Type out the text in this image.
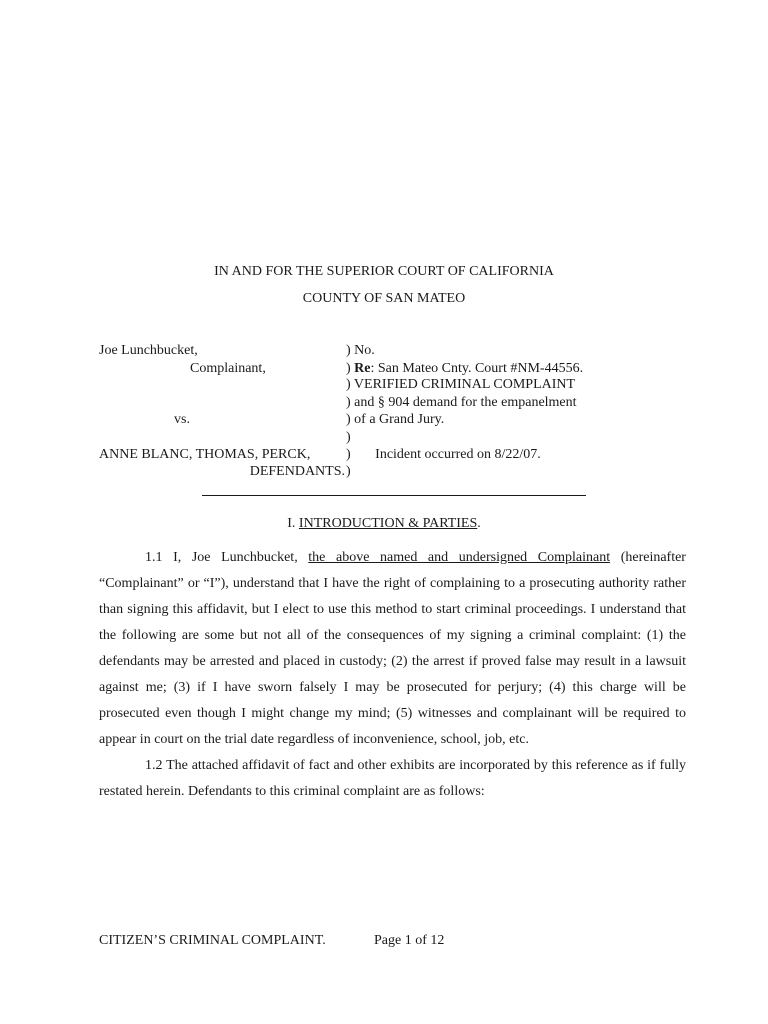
IN AND FOR THE SUPERIOR COURT OF CALIFORNIA
COUNTY OF SAN MATEO
Joe Lunchbucket,
Complainant,
vs.
ANNE BLANC, THOMAS, PERCK,
DEFENDANTS.
) No.
) Re: San Mateo Cnty. Court #NM-44556.
) VERIFIED CRIMINAL COMPLAINT
) and § 904 demand for the empanelment
) of a Grand Jury.
)
)       Incident occurred on 8/22/07.
)
I. INTRODUCTION & PARTIES.

1.1 I, Joe Lunchbucket, the above named and undersigned Complainant (hereinafter “Complainant” or “I”), understand that I have the right of complaining to a prosecuting authority rather than signing this affidavit, but I elect to use this method to start criminal proceedings. I understand that the following are some but not all of the consequences of my signing a criminal complaint: (1) the defendants may be arrested and placed in custody; (2) the arrest if proved false may result in a lawsuit against me; (3) if I have sworn falsely I may be prosecuted for perjury; (4) this charge will be prosecuted even though I might change my mind; (5) witnesses and complainant will be required to appear in court on the trial date regardless of inconvenience, school, job, etc.

1.2 The attached affidavit of fact and other exhibits are incorporated by this reference as if fully restated herein. Defendants to this criminal complaint are as follows:

CITIZEN’S CRIMINAL COMPLAINT.	Page 1 of 12
